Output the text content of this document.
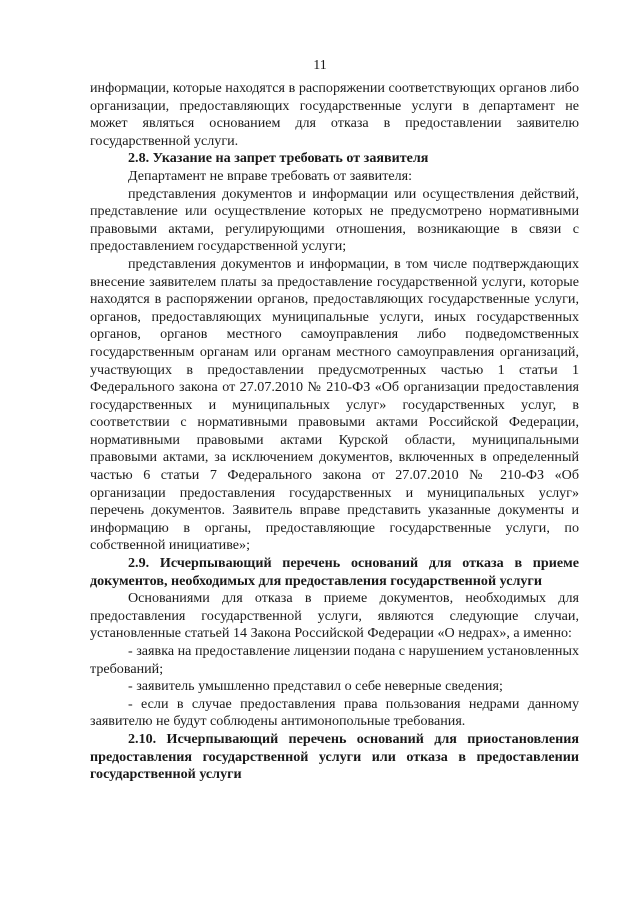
11

информации, которые находятся в распоряжении соответствующих органов либо организации, предоставляющих государственные услуги в департамент не может являться основанием для отказа в предоставлении заявителю государственной услуги.

2.8. Указание на запрет требовать от заявителя

Департамент не вправе требовать от заявителя:

представления документов и информации или осуществления действий, представление или осуществление которых не предусмотрено нормативными правовыми актами, регулирующими отношения, возникающие в связи с предоставлением государственной услуги;

представления документов и информации, в том числе подтверждающих внесение заявителем платы за предоставление государственной услуги, которые находятся в распоряжении органов, предоставляющих государственные услуги, органов, предоставляющих муниципальные услуги, иных государственных органов, органов местного самоуправления либо подведомственных государственным органам или органам местного самоуправления организаций, участвующих в предоставлении предусмотренных частью 1 статьи 1 Федерального закона от 27.07.2010 № 210-ФЗ «Об организации предоставления государственных и муниципальных услуг» государственных услуг, в соответствии с нормативными правовыми актами Российской Федерации, нормативными правовыми актами Курской области, муниципальными правовыми актами, за исключением документов, включенных в определенный частью 6 статьи 7 Федерального закона от 27.07.2010 № 210-ФЗ «Об организации предоставления государственных и муниципальных услуг» перечень документов. Заявитель вправе представить указанные документы и информацию в органы, предоставляющие государственные услуги, по собственной инициативе»;

2.9. Исчерпывающий перечень оснований для отказа в приеме документов, необходимых для предоставления государственной услуги

Основаниями для отказа в приеме документов, необходимых для предоставления государственной услуги, являются следующие случаи, установленные статьей 14 Закона Российской Федерации «О недрах», а именно:

- заявка на предоставление лицензии подана с нарушением установленных требований;

- заявитель умышленно представил о себе неверные сведения;

- если в случае предоставления права пользования недрами данному заявителю не будут соблюдены антимонопольные требования.

2.10. Исчерпывающий перечень оснований для приостановления предоставления государственной услуги или отказа в предоставлении государственной услуги
